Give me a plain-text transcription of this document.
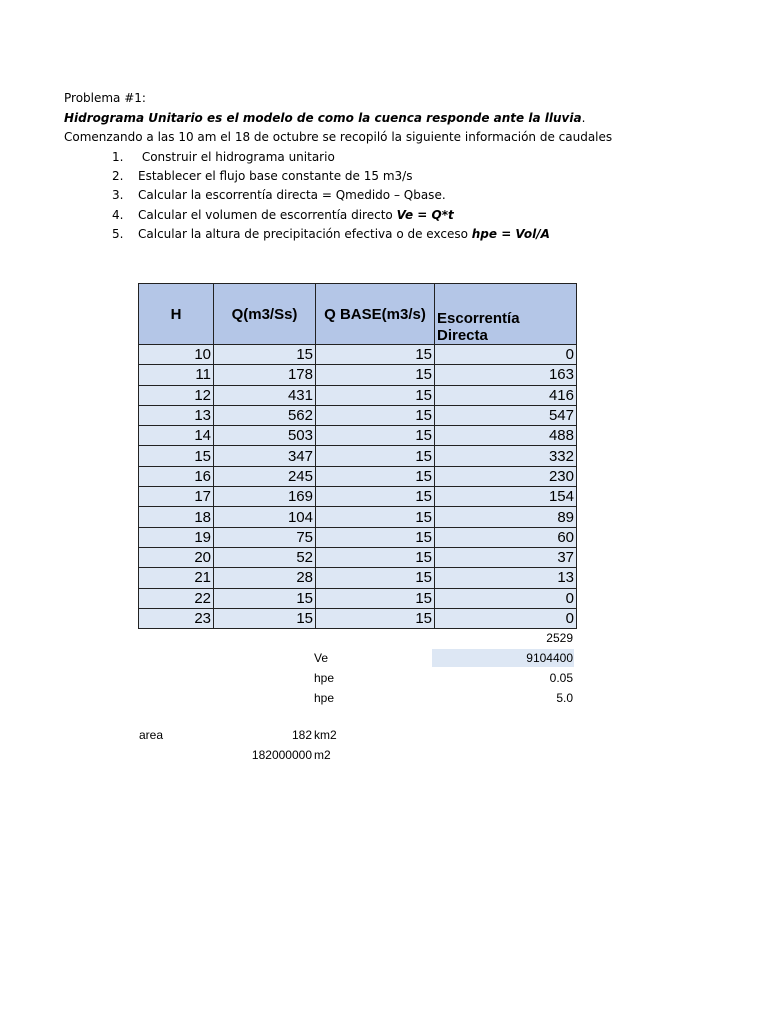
Problema #1:
Hidrograma Unitario es el modelo de como la cuenca responde ante la lluvia.
Comenzando a las 10 am el 18 de octubre se recopiló la siguiente información de caudales
1. Construir el hidrograma unitario
2. Establecer el flujo base constante de 15 m3/s
3. Calcular la escorrentía directa = Qmedido – Qbase.
4. Calcular el volumen de escorrentía directo Ve = Q*t
5. Calcular la altura de precipitación efectiva o de exceso hpe = Vol/A
H	Q(m3/Ss)	Q BASE(m3/s)	Escorrentía Directa
10	15	15	0
11	178	15	163
12	431	15	416
13	562	15	547
14	503	15	488
15	347	15	332
16	245	15	230
17	169	15	154
18	104	15	89
19	75	15	60
20	52	15	37
21	28	15	13
22	15	15	0
23	15	15	0
2529
Ve	9104400
hpe	0.05
hpe	5.0
area	182 km2
182000000 m2
